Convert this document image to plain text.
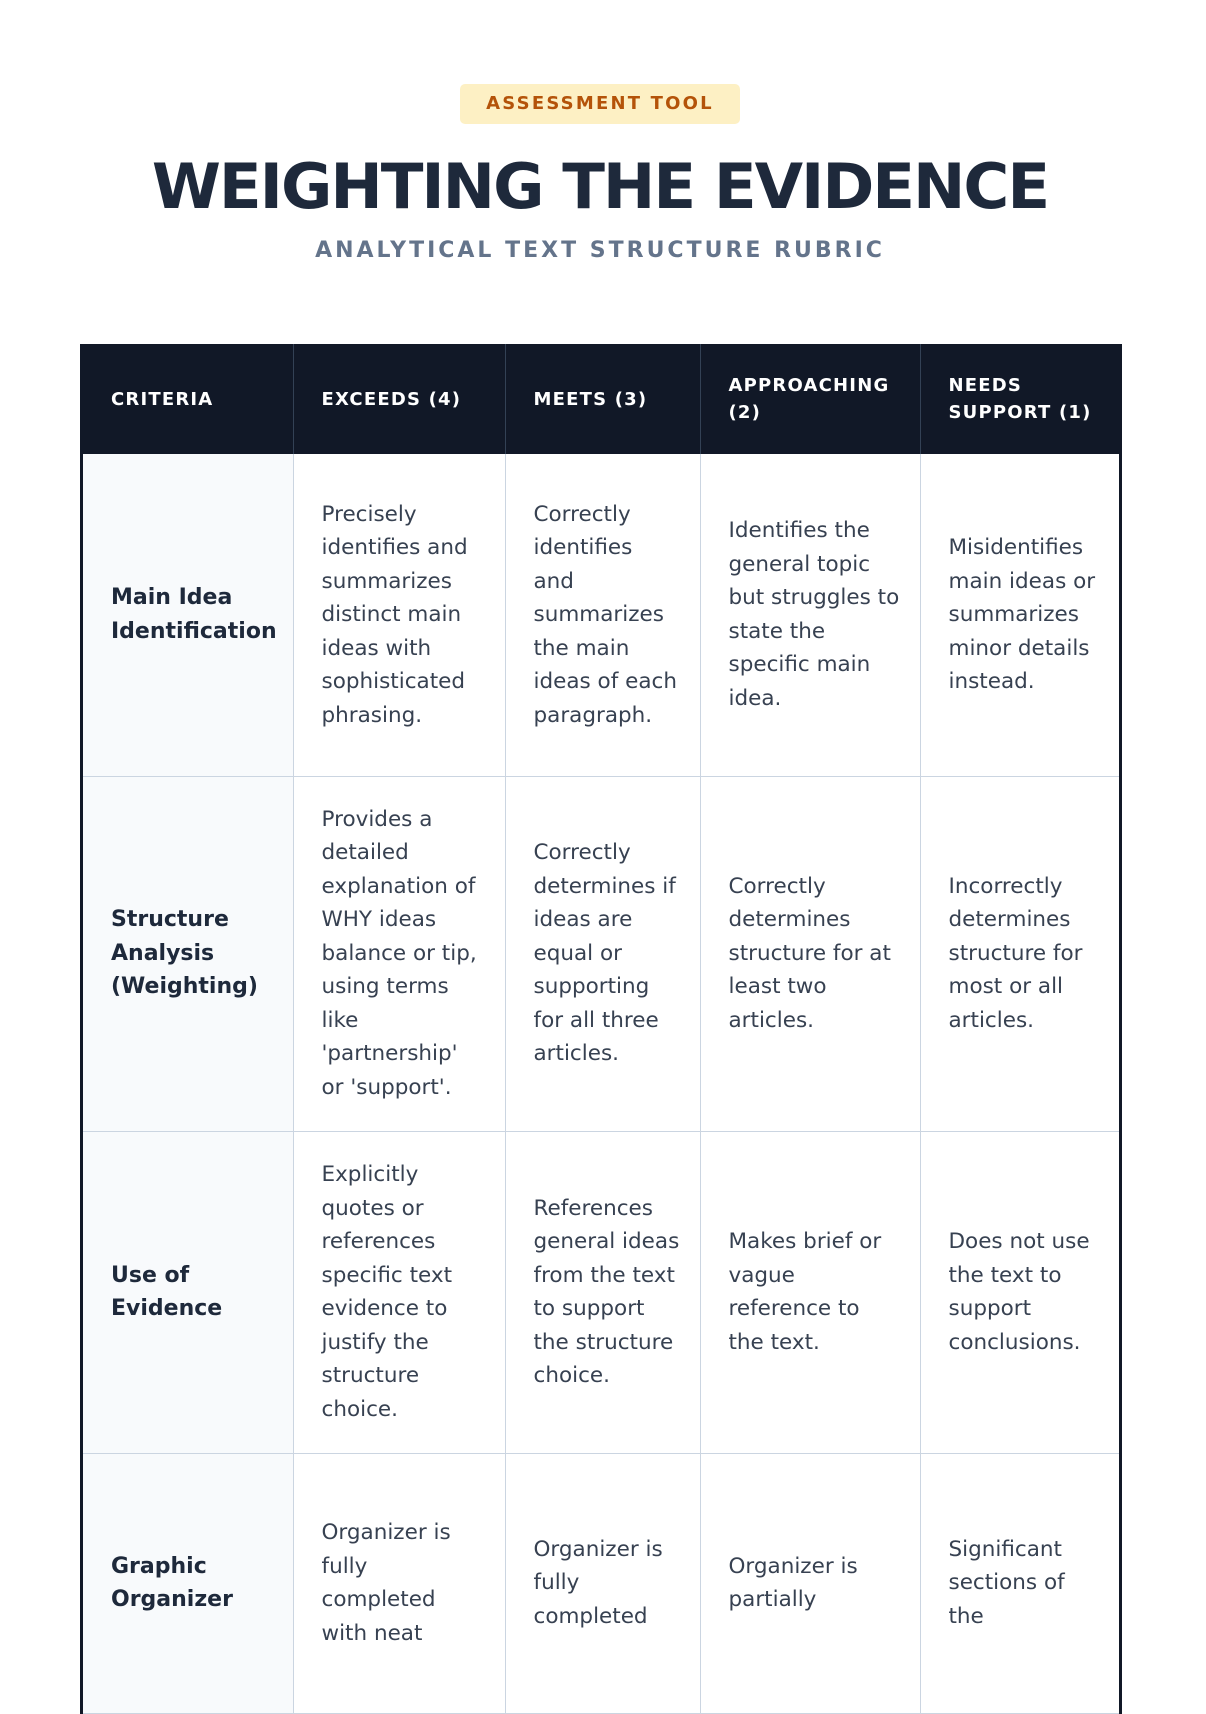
ASSESSMENT TOOL
WEIGHTING THE EVIDENCE
ANALYTICAL TEXT STRUCTURE RUBRIC
CRITERIA	EXCEEDS (4)	MEETS (3)	APPROACHING (2)	NEEDS SUPPORT (1)
Main Idea Identification	Precisely identifies and summarizes distinct main ideas with sophisticated phrasing.	Correctly identifies and summarizes the main ideas of each paragraph.	Identifies the general topic but struggles to state the specific main idea.	Misidentifies main ideas or summarizes minor details instead.
Structure Analysis (Weighting)	Provides a detailed explanation of WHY ideas balance or tip, using terms like 'partnership' or 'support'.	Correctly determines if ideas are equal or supporting for all three articles.	Correctly determines structure for at least two articles.	Incorrectly determines structure for most or all articles.
Use of Evidence	Explicitly quotes or references specific text evidence to justify the structure choice.	References general ideas from the text to support the structure choice.	Makes brief or vague reference to the text.	Does not use the text to support conclusions.
Graphic Organizer	Organizer is fully completed with neat	Organizer is fully completed	Organizer is partially	Significant sections of the
